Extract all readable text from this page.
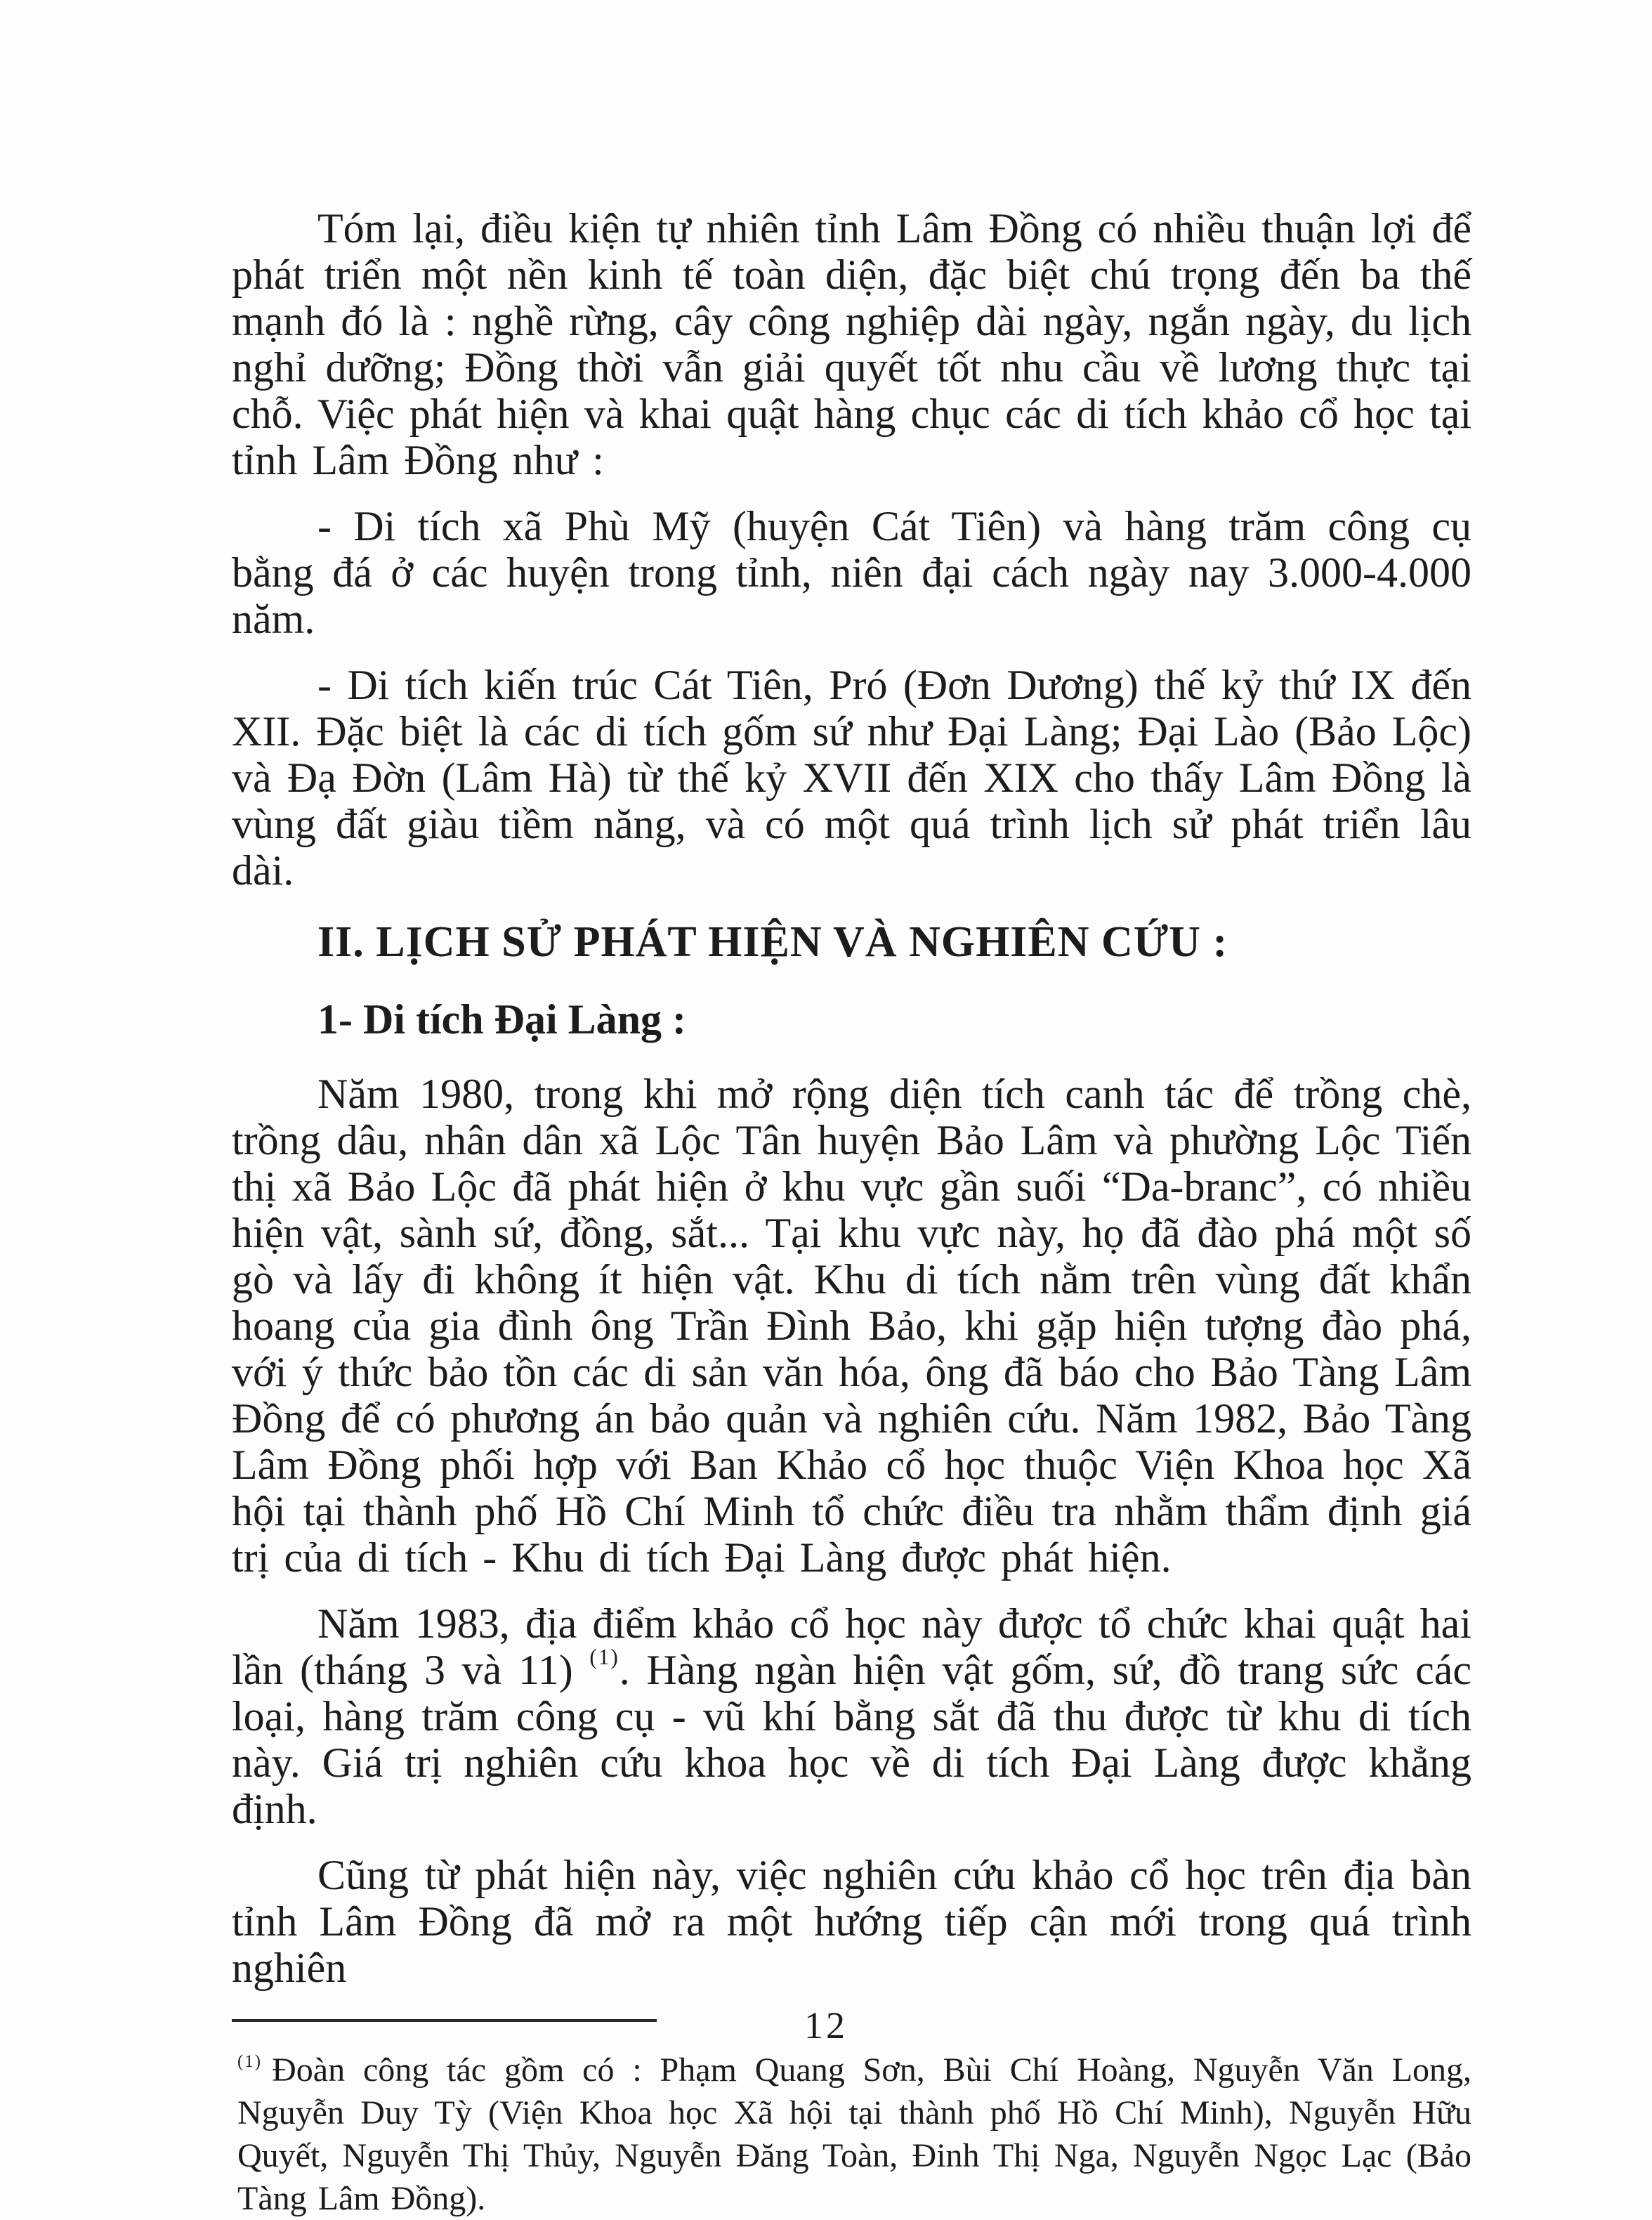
Tóm lại, điều kiện tự nhiên tỉnh Lâm Đồng có nhiều thuận lợi để phát triển một nền kinh tế toàn diện, đặc biệt chú trọng đến ba thế mạnh đó là : nghề rừng, cây công nghiệp dài ngày, ngắn ngày, du lịch nghỉ dưỡng; Đồng thời vẫn giải quyết tốt nhu cầu về lương thực tại chỗ. Việc phát hiện và khai quật hàng chục các di tích khảo cổ học tại tỉnh Lâm Đồng như :

- Di tích xã Phù Mỹ (huyện Cát Tiên) và hàng trăm công cụ bằng đá ở các huyện trong tỉnh, niên đại cách ngày nay 3.000-4.000 năm.

- Di tích kiến trúc Cát Tiên, Pró (Đơn Dương) thế kỷ thứ IX đến XII. Đặc biệt là các di tích gốm sứ như Đại Làng; Đại Lào (Bảo Lộc) và Đạ Đờn (Lâm Hà) từ thế kỷ XVII đến XIX cho thấy Lâm Đồng là vùng đất giàu tiềm năng, và có một quá trình lịch sử phát triển lâu dài.

II. LỊCH SỬ PHÁT HIỆN VÀ NGHIÊN CỨU :
1- Di tích Đại Làng :

Năm 1980, trong khi mở rộng diện tích canh tác để trồng chè, trồng dâu, nhân dân xã Lộc Tân huyện Bảo Lâm và phường Lộc Tiến thị xã Bảo Lộc đã phát hiện ở khu vực gần suối “Da-branc”, có nhiều hiện vật, sành sứ, đồng, sắt... Tại khu vực này, họ đã đào phá một số gò và lấy đi không ít hiện vật. Khu di tích nằm trên vùng đất khẩn hoang của gia đình ông Trần Đình Bảo, khi gặp hiện tượng đào phá, với ý thức bảo tồn các di sản văn hóa, ông đã báo cho Bảo Tàng Lâm Đồng để có phương án bảo quản và nghiên cứu. Năm 1982, Bảo Tàng Lâm Đồng phối hợp với Ban Khảo cổ học thuộc Viện Khoa học Xã hội tại thành phố Hồ Chí Minh tổ chức điều tra nhằm thẩm định giá trị của di tích - Khu di tích Đại Làng được phát hiện.

Năm 1983, địa điểm khảo cổ học này được tổ chức khai quật hai lần (tháng 3 và 11) $^{(1)}$. Hàng ngàn hiện vật gốm, sứ, đồ trang sức các loại, hàng trăm công cụ - vũ khí bằng sắt đã thu được từ khu di tích này. Giá trị nghiên cứu khoa học về di tích Đại Làng được khẳng định.

Cũng từ phát hiện này, việc nghiên cứu khảo cổ học trên địa bàn tỉnh Lâm Đồng đã mở ra một hướng tiếp cận mới trong quá trình nghiên

$^{(1)}$ Đoàn công tác gồm có : Phạm Quang Sơn, Bùi Chí Hoàng, Nguyễn Văn Long, Nguyễn Duy Tỳ (Viện Khoa học Xã hội tại thành phố Hồ Chí Minh), Nguyễn Hữu Quyết, Nguyễn Thị Thủy, Nguyễn Đăng Toàn, Đinh Thị Nga, Nguyễn Ngọc Lạc (Bảo Tàng Lâm Đồng).

12
